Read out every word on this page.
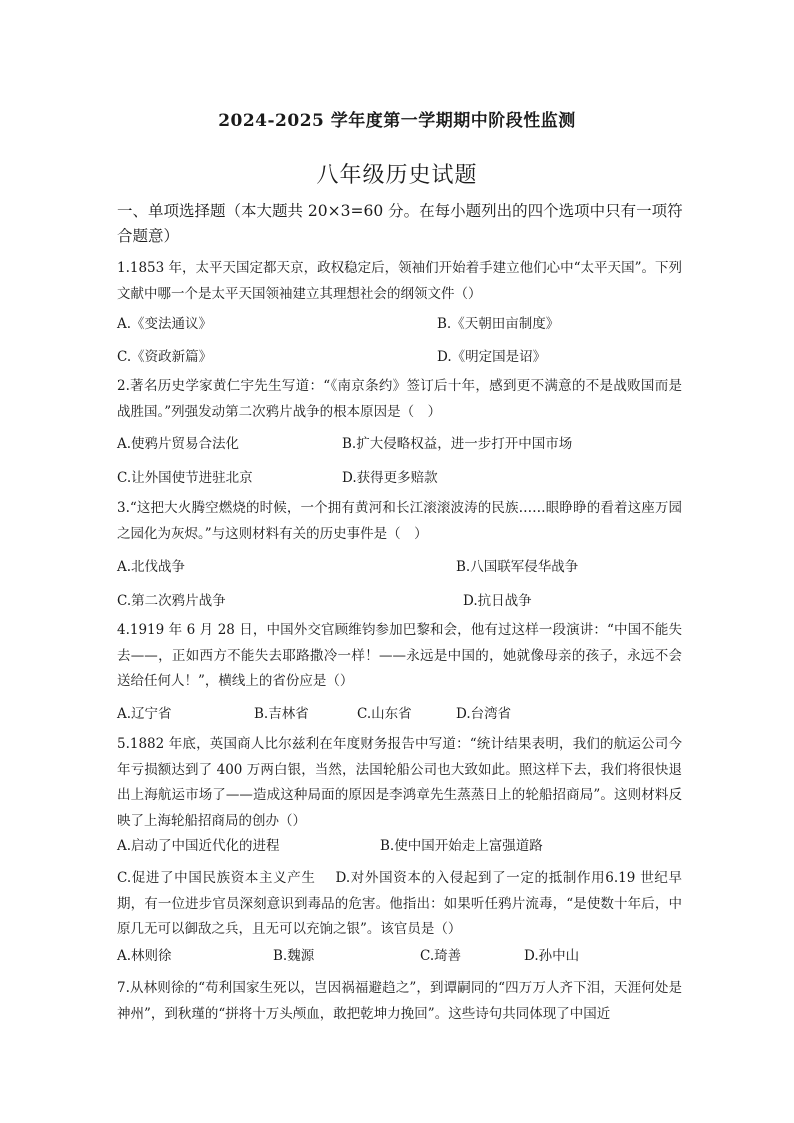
2024-2025 学年度第一学期期中阶段性监测
八年级历史试题
一、单项选择题（本大题共 20×3=60 分。在每小题列出的四个选项中只有一项符合题意）
1.1853 年，太平天国定都天京，政权稳定后，领袖们开始着手建立他们心中“太平天国”。下列文献中哪一个是太平天国领袖建立其理想社会的纲领文件（）
A.《变法通议》	B.《天朝田亩制度》
C.《资政新篇》	D.《明定国是诏》
2.著名历史学家黄仁宇先生写道：“《南京条约》签订后十年，感到更不满意的不是战败国而是战胜国。”列强发动第二次鸦片战争的根本原因是（　）
A.使鸦片贸易合法化	B.扩大侵略权益，进一步打开中国市场
C.让外国使节进驻北京	D.获得更多赔款
3.“这把大火腾空燃烧的时候，一个拥有黄河和长江滚滚波涛的民族……眼睁睁的看着这座万园之园化为灰烬。”与这则材料有关的历史事件是（　）
A.北伐战争	B.八国联军侵华战争
C.第二次鸦片战争	D.抗日战争
4.1919 年 6 月 28 日，中国外交官顾维钧参加巴黎和会，他有过这样一段演讲：“中国不能失去——，正如西方不能失去耶路撒冷一样！——永远是中国的，她就像母亲的孩子，永远不会送给任何人！”，横线上的省份应是（）
A.辽宁省	B.吉林省	C.山东省	D.台湾省
5.1882 年底，英国商人比尔兹利在年度财务报告中写道：“统计结果表明，我们的航运公司今年亏损额达到了 400 万两白银，当然，法国轮船公司也大致如此。照这样下去，我们将很快退出上海航运市场了——造成这种局面的原因是李鸿章先生蒸蒸日上的轮船招商局”。这则材料反映了上海轮船招商局的创办（）
A.启动了中国近代化的进程	B.使中国开始走上富强道路
C.促进了中国民族资本主义产生 D.对外国资本的入侵起到了一定的抵制作用6.19 世纪早期，有一位进步官员深刻意识到毒品的危害。他指出：如果听任鸦片流毒，“是使数十年后，中原几无可以御敌之兵，且无可以充饷之银”。该官员是（）
A.林则徐	B.魏源	C.琦善	D.孙中山
7.从林则徐的“苟利国家生死以，岂因祸福避趋之”，到谭嗣同的“四万万人齐下泪，天涯何处是神州”，到秋瑾的“拼将十万头颅血，敢把乾坤力挽回”。这些诗句共同体现了中国近
